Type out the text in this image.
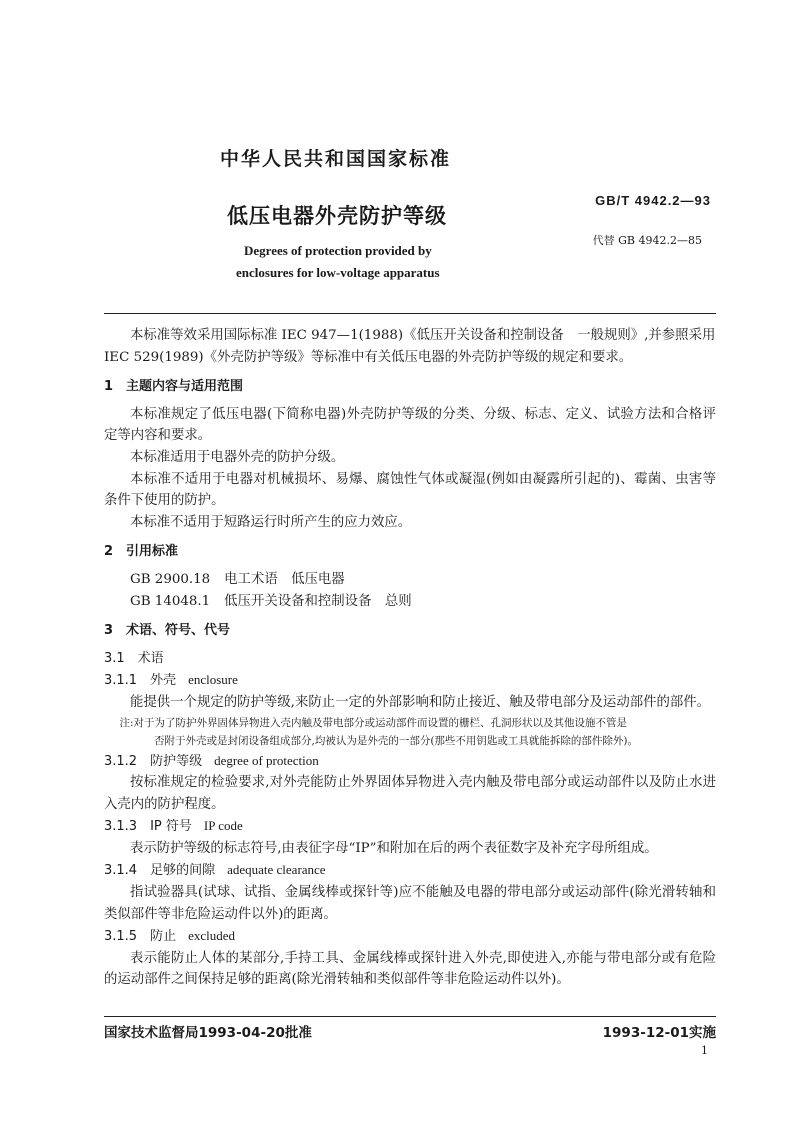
中华人民共和国国家标准
低压电器外壳防护等级
Degrees of protection provided by
enclosures for low-voltage apparatus
GB/T 4942.2—93
代替 GB 4942.2—85

本标准等效采用国际标准 IEC 947—1(1988)《低压开关设备和控制设备　一般规则》,并参照采用

IEC 529(1989)《外壳防护等级》等标准中有关低压电器的外壳防护等级的规定和要求。

1　主题内容与适用范围

本标准规定了低压电器(下简称电器)外壳防护等级的分类、分级、标志、定义、试验方法和合格评定等内容和要求。

本标准适用于电器外壳的防护分级。

本标准不适用于电器对机械损坏、易爆、腐蚀性气体或凝湿(例如由凝露所引起的)、霉菌、虫害等条件下使用的防护。

本标准不适用于短路运行时所产生的应力效应。

2　引用标准

GB 2900.18 电工术语　低压电器

GB 14048.1 低压开关设备和控制设备　总则

3　术语、符号、代号

3.1　术语

3.1.1　外壳 enclosure

能提供一个规定的防护等级,来防止一定的外部影响和防止接近、触及带电部分及运动部件的部件。

注:对于为了防护外界固体异物进入壳内触及带电部分或运动部件而设置的栅栏、孔洞形状以及其他设施不管是

否附于外壳或是封闭设备组成部分,均被认为是外壳的一部分(那些不用钥匙或工具就能拆除的部件除外)。

3.1.2　防护等级 degree of protection

按标准规定的检验要求,对外壳能防止外界固体异物进入壳内触及带电部分或运动部件以及防止水进入壳内的防护程度。

3.1.3　IP 符号 IP code

表示防护等级的标志符号,由表征字母“IP”和附加在后的两个表征数字及补充字母所组成。

3.1.4　足够的间隙 adequate clearance

指试验器具(试球、试指、金属线棒或探针等)应不能触及电器的带电部分或运动部件(除光滑转轴和类似部件等非危险运动件以外)的距离。

3.1.5　防止 excluded

表示能防止人体的某部分,手持工具、金属线棒或探针进入外壳,即使进入,亦能与带电部分或有危险的运动部件之间保持足够的距离(除光滑转轴和类似部件等非危险运动件以外)。

国家技术监督局1993-04-20批准	1993-12-01实施
1
